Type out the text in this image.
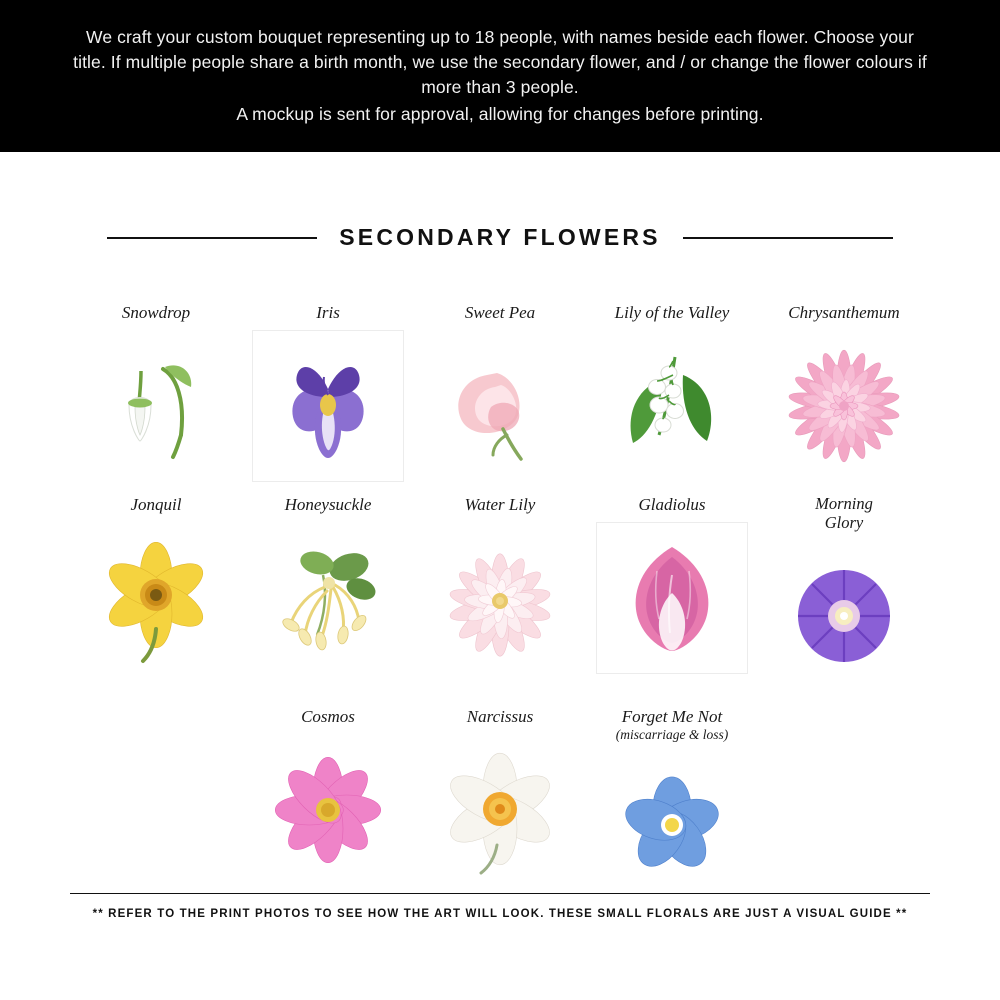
We craft your custom bouquet representing up to 18 people, with names beside each flower. Choose your title. If multiple people share a birth month, we use the secondary flower, and / or change the flower colours if more than 3 people.

A mockup is sent for approval, allowing for changes before printing.

SECONDARY FLOWERS
Snowdrop	Iris	Sweet Pea	Lily of the Valley	Chrysanthemum
Jonquil	Honeysuckle	Water Lily	Gladiolus	Morning
Glory
Cosmos	Narcissus	Forget Me Not
(miscarriage & loss)
** REFER TO THE PRINT PHOTOS TO SEE HOW THE ART WILL LOOK. THESE SMALL FLORALS ARE JUST A VISUAL GUIDE **
